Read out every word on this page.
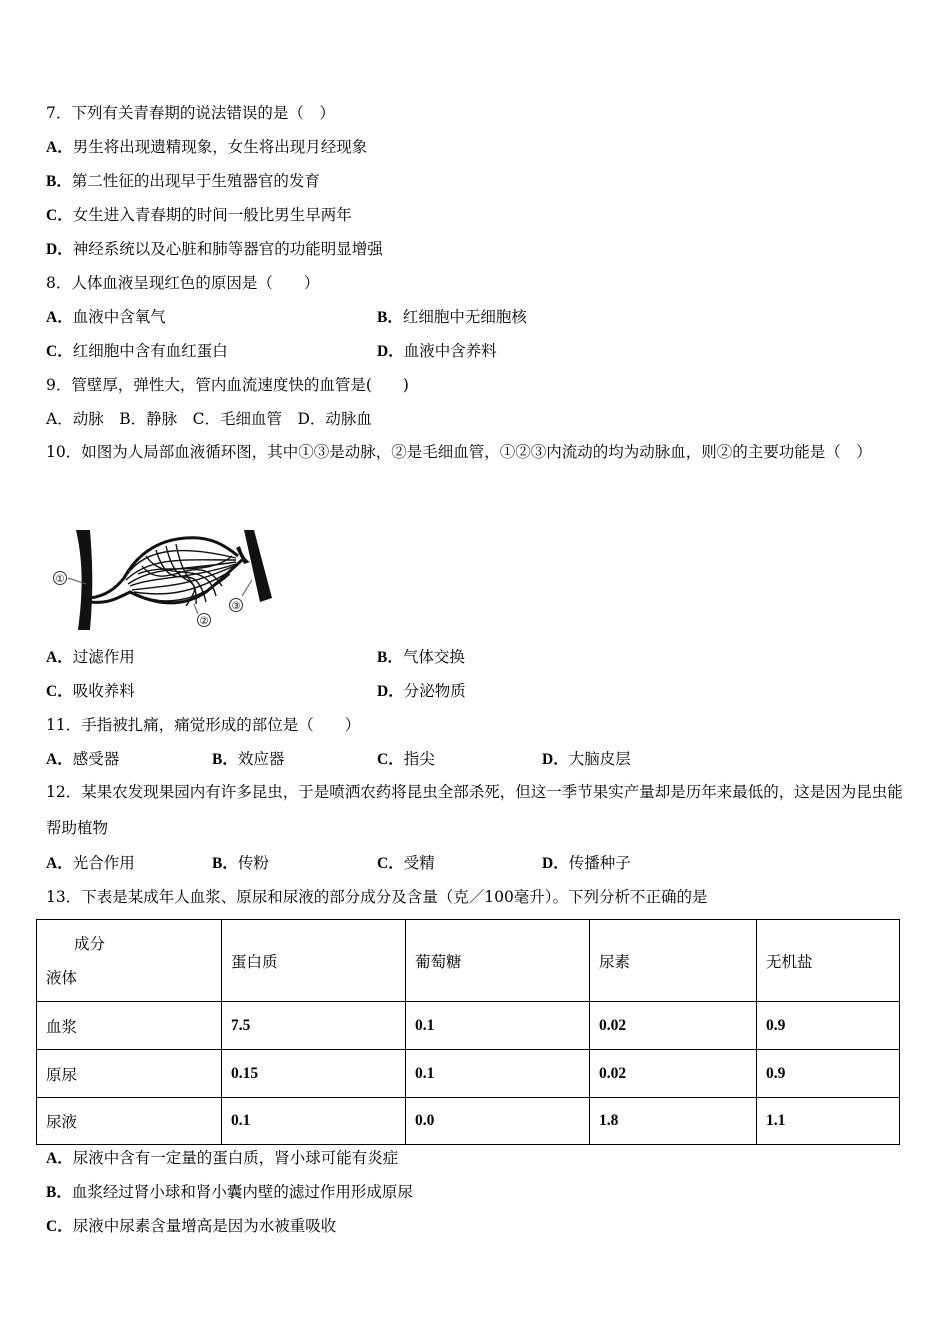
7．下列有关青春期的说法错误的是（　）
A．男生将出现遗精现象，女生将出现月经现象
B．第二性征的出现早于生殖器官的发育
C．女生进入青春期的时间一般比男生早两年
D．神经系统以及心脏和肺等器官的功能明显增强
8．人体血液呈现红色的原因是（　　）
A．血液中含氧气	B．红细胞中无细胞核
C．红细胞中含有血红蛋白	D．血液中含养料
9．管壁厚，弹性大，管内血流速度快的血管是(　　)
A．动脉　B．静脉　C．毛细血管　D．动脉血
10．如图为人局部血液循环图，其中①③是动脉，②是毛细血管，①②③内流动的均为动脉血，则②的主要功能是（　）
①
②
③
A．过滤作用	B．气体交换
C．吸收养料	D．分泌物质
11．手指被扎痛，痛觉形成的部位是（　　）
A．感受器	B．效应器	C．指尖	D．大脑皮层
12．某果农发现果园内有许多昆虫，于是喷洒农药将昆虫全部杀死，但这一季节果实产量却是历年来最低的，这是因为昆虫能帮助植物
A．光合作用	B．传粉	C．受精	D．传播种子
13．下表是某成年人血浆、原尿和尿液的部分成分及含量（克／100毫升）。下列分析不正确的是
成分
液体	蛋白质	葡萄糖	尿素	无机盐
血浆	7.5	0.1	0.02	0.9
原尿	0.15	0.1	0.02	0.9
尿液	0.1	0.0	1.8	1.1
A．尿液中含有一定量的蛋白质，肾小球可能有炎症
B．血浆经过肾小球和肾小囊内壁的滤过作用形成原尿
C．尿液中尿素含量增高是因为水被重吸收
